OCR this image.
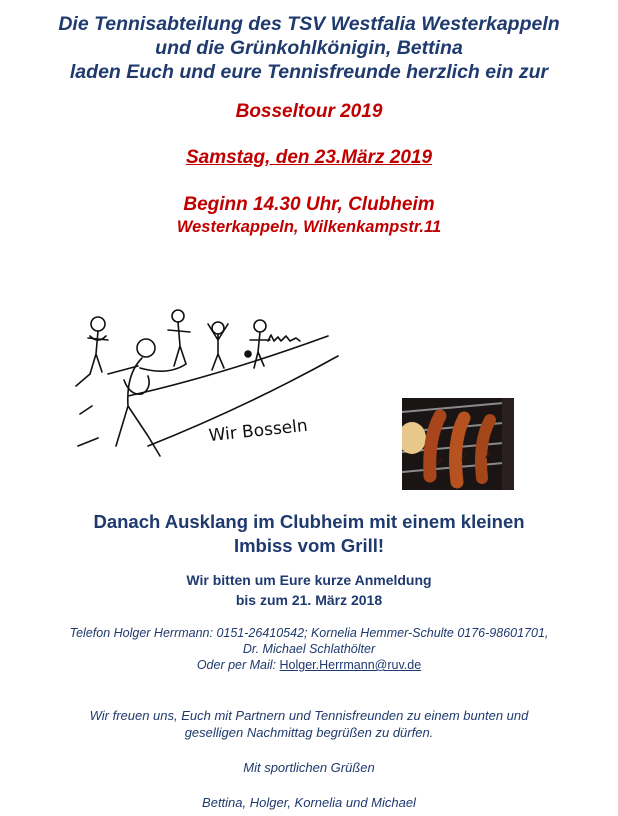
Die Tennisabteilung des TSV Westfalia Westerkappeln
und die Grünkohlkönigin, Bettina
laden Euch und eure Tennisfreunde herzlich ein zur
Bosseltour 2019
Samstag, den 23.März 2019
Beginn 14.30 Uhr, Clubheim
Westerkappeln, Wilkenkampstr.11
Wir Bosseln
Danach Ausklang im Clubheim mit einem kleinen
Imbiss vom Grill!
Wir bitten um Eure kurze Anmeldung
bis zum 21. März 2018
Telefon Holger Herrmann: 0151-26410542; Kornelia Hemmer-Schulte 0176-98601701,
Dr. Michael Schlathölter
Oder per Mail: Holger.Herrmann@ruv.de
Wir freuen uns, Euch mit Partnern und Tennisfreunden zu einem bunten und
geselligen Nachmittag begrüßen zu dürfen.
Mit sportlichen Grüßen
Bettina, Holger, Kornelia und Michael
